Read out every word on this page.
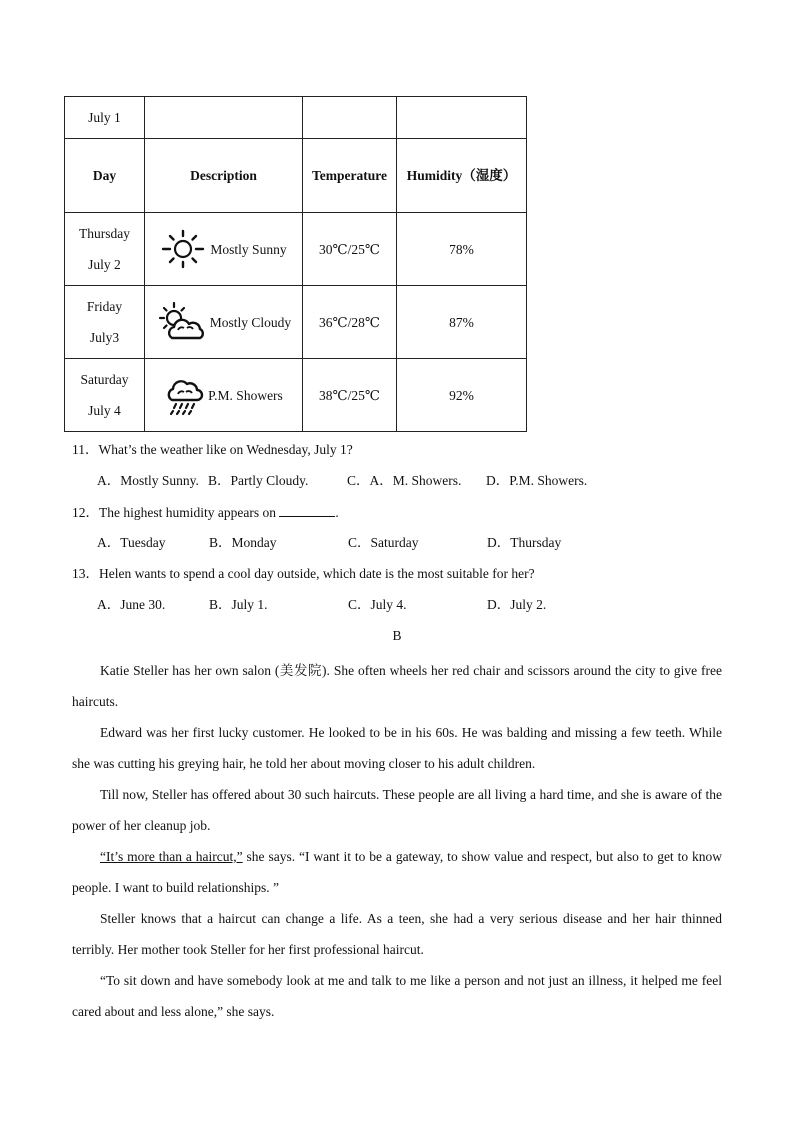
July 1			
Day	Description	Temperature	Humidity（湿度）
Thursday
July 2	Mostly Sunny	30℃/25℃	78%
Friday
July3	Mostly Cloudy	36℃/28℃	87%
Saturday
July 4	P.M. Showers	38℃/25℃	92%
11．What’s the weather like on Wednesday, July 1?
A．Mostly Sunny. B．Partly Cloudy.	C．A．M. Showers. D．P.M. Showers.
12．The highest humidity appears on	.
A．Tuesday	B．Monday	C．Saturday	D．Thursday
13．Helen wants to spend a cool day outside, which date is the most suitable for her?
A．June 30.	B．July 1.	C．July 4.	D．July 2.
B

Katie Steller has her own salon (美发院). She often wheels her red chair and scissors around the city to give free haircuts.

Edward was her first lucky customer. He looked to be in his 60s. He was balding and missing a few teeth. While she was cutting his greying hair, he told her about moving closer to his adult children.

Till now, Steller has offered about 30 such haircuts. These people are all living a hard time, and she is aware of the power of her cleanup job.

“It’s more than a haircut,” she says. “I want it to be a gateway, to show value and respect, but also to get to know people. I want to build relationships. ”

Steller knows that a haircut can change a life. As a teen, she had a very serious disease and her hair thinned terribly. Her mother took Steller for her first professional haircut.

“To sit down and have somebody look at me and talk to me like a person and not just an illness, it helped me feel cared about and less alone,” she says.
